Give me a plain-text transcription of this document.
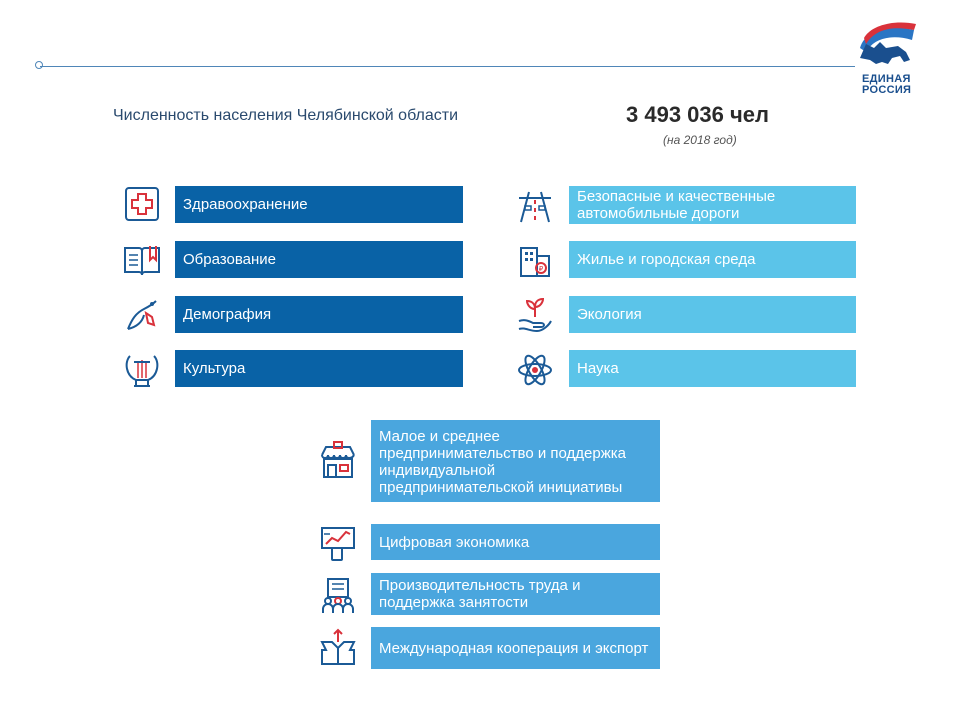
ЕДИНАЯ
РОССИЯ
Численность населения Челябинской области	3 493 036 чел
(на 2018 год)
Здравоохранение
Образование
Демография
Культура
Безопасные и качественные автомобильные дороги
₽
Жилье и городская среда
Экология
Наука
Малое и среднее предпринимательство и поддержка индивидуальной предпринимательской инициативы
Цифровая экономика
Производительность труда и поддержка занятости
Международная кооперация и экспорт
